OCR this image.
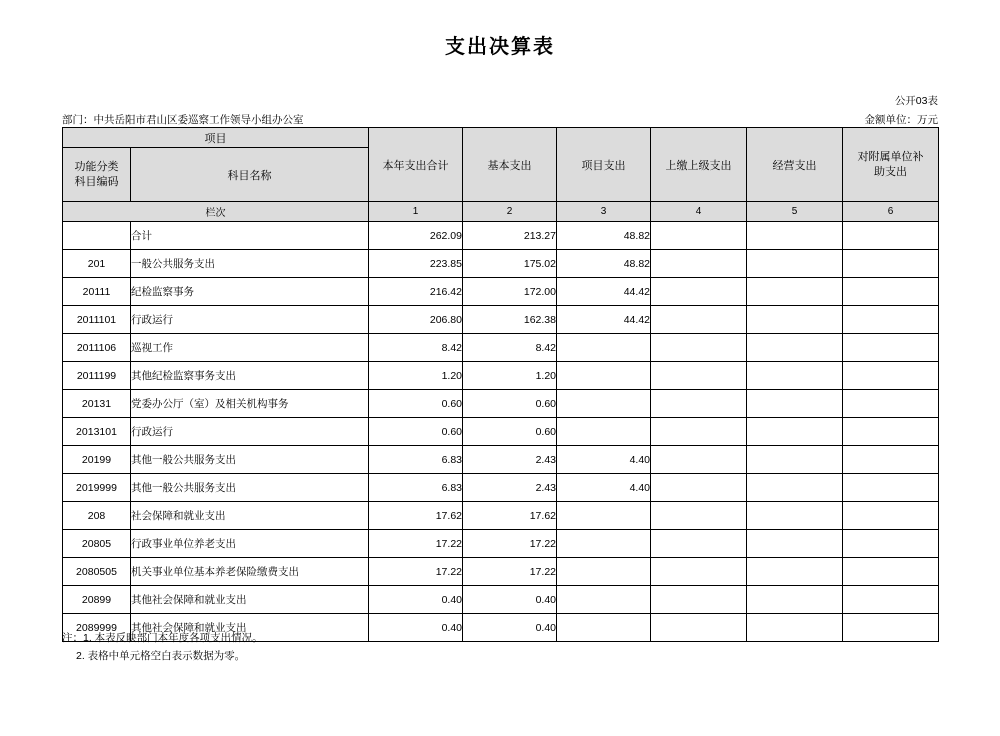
支出决算表
公开03表
部门：中共岳阳市君山区委巡察工作领导小组办公室	金额单位：万元
项目		本年支出合计	基本支出	项目支出	上缴上级支出	经营支出	对附属单位补
助支出

功能分类
科目编码	科目名称						
栏次		1	2	3	4	5	6
	合计	262.09	213.27	48.82			
201	一般公共服务支出	223.85	175.02	48.82			
20111	纪检监察事务	216.42	172.00	44.42			
2011101	行政运行	206.80	162.38	44.42			
2011106	巡视工作	8.42	8.42				
2011199	其他纪检监察事务支出	1.20	1.20				
20131	党委办公厅（室）及相关机构事务	0.60	0.60				
2013101	行政运行	0.60	0.60				
20199	其他一般公共服务支出	6.83	2.43	4.40			
2019999	其他一般公共服务支出	6.83	2.43	4.40			
208	社会保障和就业支出	17.62	17.62				
20805	行政事业单位养老支出	17.22	17.22				
2080505	机关事业单位基本养老保险缴费支出	17.22	17.22				
20899	其他社会保障和就业支出	0.40	0.40				
2089999	其他社会保障和就业支出	0.40	0.40				
注：1. 本表反映部门本年度各项支出情况。
2. 表格中单元格空白表示数据为零。
